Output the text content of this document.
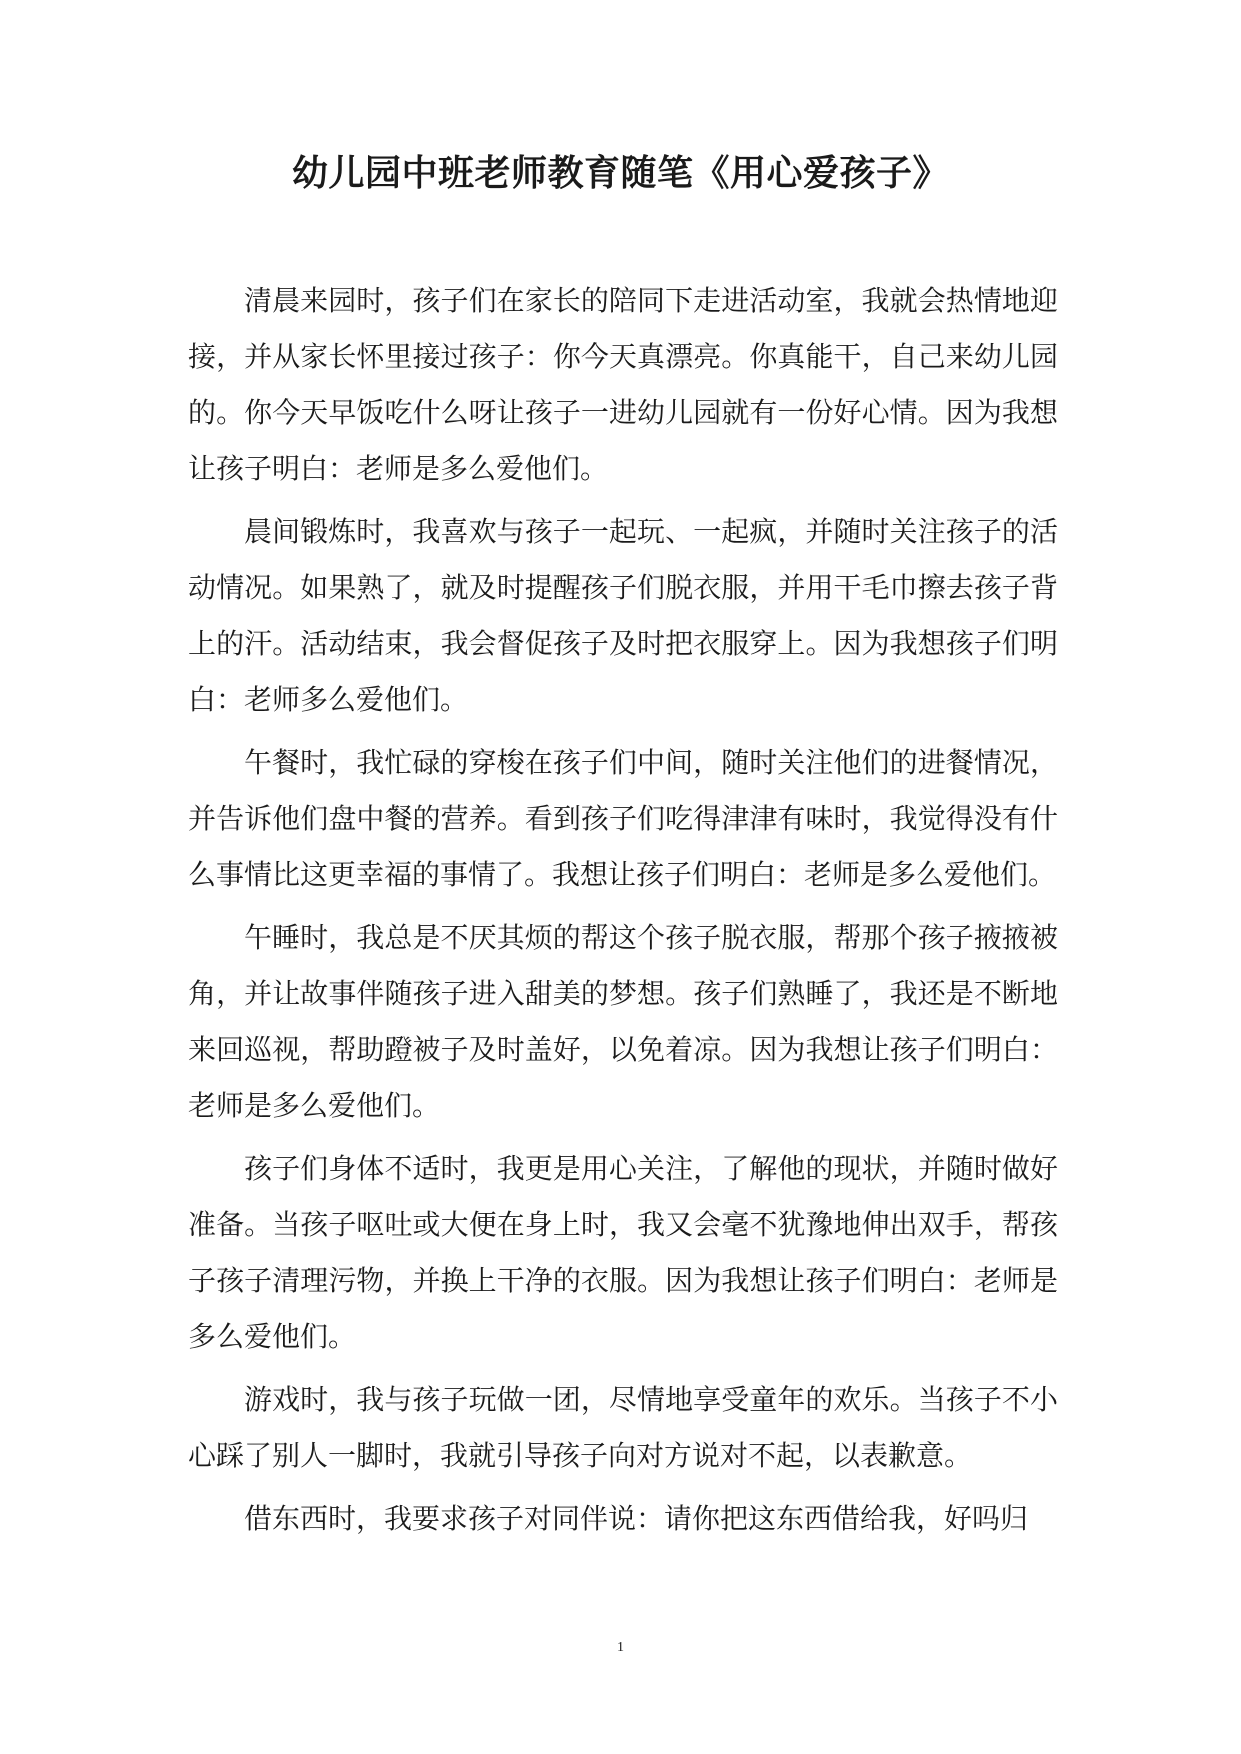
幼儿园中班老师教育随笔《用心爱孩子》

清晨来园时，孩子们在家长的陪同下走进活动室，我就会热情地迎接，并从家长怀里接过孩子：你今天真漂亮。你真能干，自己来幼儿园的。你今天早饭吃什么呀让孩子一进幼儿园就有一份好心情。因为我想让孩子明白：老师是多么爱他们。

晨间锻炼时，我喜欢与孩子一起玩、一起疯，并随时关注孩子的活动情况。如果熟了，就及时提醒孩子们脱衣服，并用干毛巾擦去孩子背上的汗。活动结束，我会督促孩子及时把衣服穿上。因为我想孩子们明白：老师多么爱他们。

午餐时，我忙碌的穿梭在孩子们中间，随时关注他们的进餐情况，并告诉他们盘中餐的营养。看到孩子们吃得津津有味时，我觉得没有什么事情比这更幸福的事情了。我想让孩子们明白：老师是多么爱他们。

午睡时，我总是不厌其烦的帮这个孩子脱衣服，帮那个孩子掖掖被角，并让故事伴随孩子进入甜美的梦想。孩子们熟睡了，我还是不断地来回巡视，帮助蹬被子及时盖好，以免着凉。因为我想让孩子们明白：老师是多么爱他们。

孩子们身体不适时，我更是用心关注，了解他的现状，并随时做好准备。当孩子呕吐或大便在身上时，我又会毫不犹豫地伸出双手，帮孩子孩子清理污物，并换上干净的衣服。因为我想让孩子们明白：老师是多么爱他们。

游戏时，我与孩子玩做一团，尽情地享受童年的欢乐。当孩子不小心踩了别人一脚时，我就引导孩子向对方说对不起，以表歉意。

借东西时，我要求孩子对同伴说：请你把这东西借给我，好吗归

1
